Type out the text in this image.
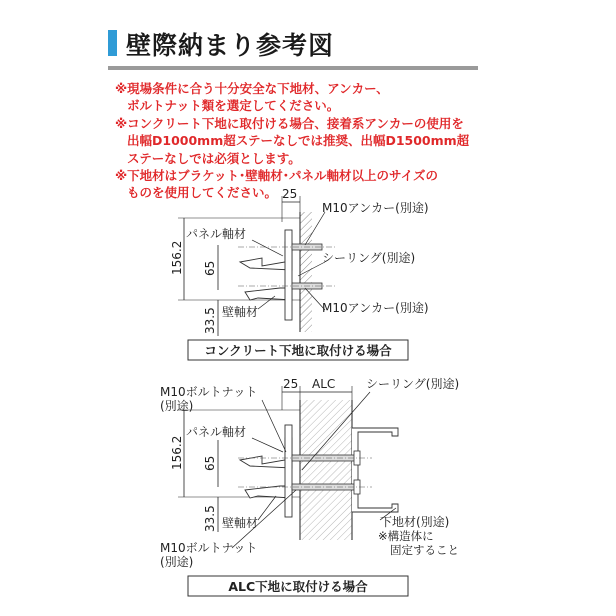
壁際納まり参考図
※現場条件に合う十分安全な下地材、アンカー、
ボルトナット類を選定してください。
※コンクリート下地に取付ける場合、接着系アンカーの使用を
出幅D1000mm超ステーなしでは推奨、出幅D1500mm超
ステーなしでは必須とします。
※下地材はブラケット･壁軸材･パネル軸材以上のサイズの
ものを使用してください。 25
156.2 65
33.5
M10アンカー(別途)
パネル軸材
シーリング(別途)
壁軸材	M10アンカー(別途)
コンクリート下地に取付ける場合
25 ALC
156.2 65
33.5
M10ボルトナット
(別途)
シーリング(別途)
パネル軸材
壁軸材	下地材(別途)
※構造体に
固定すること
M10ボルトナット
(別途)
ALC下地に取付ける場合
